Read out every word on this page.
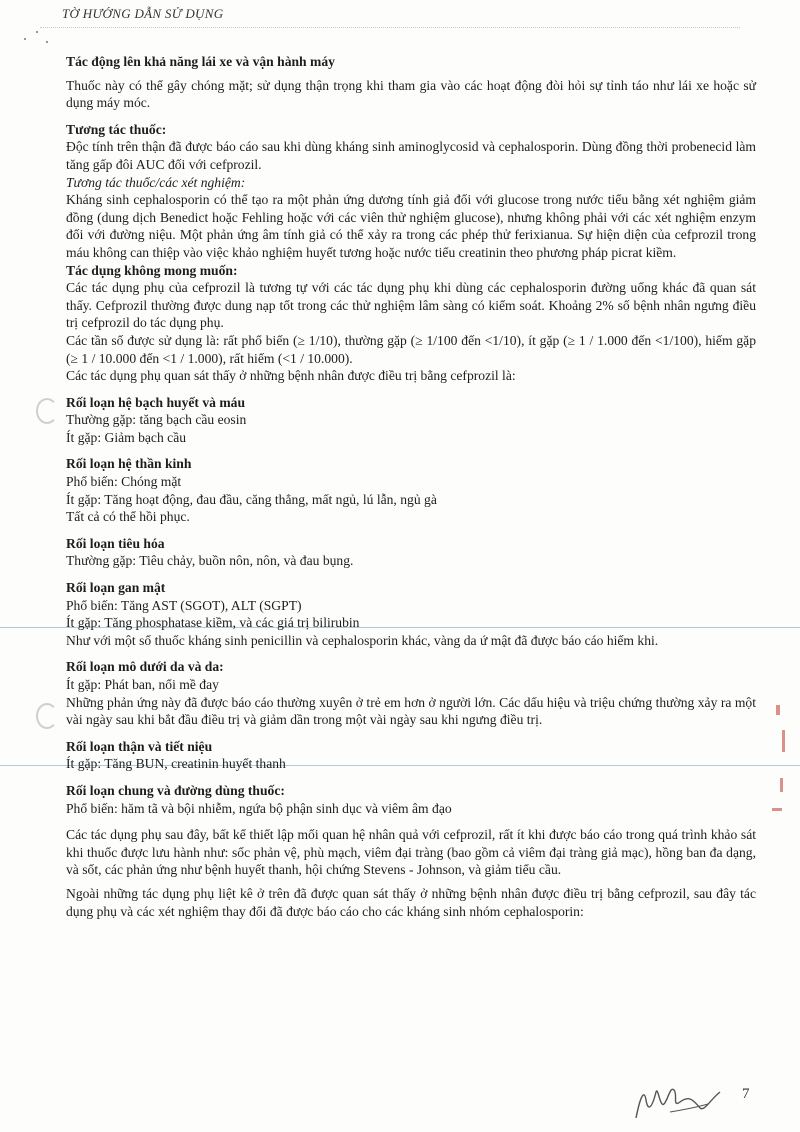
TỜ HƯỚNG DẪN SỬ DỤNG

Tác động lên khả năng lái xe và vận hành máy

Thuốc này có thể gây chóng mặt; sử dụng thận trọng khi tham gia vào các hoạt động đòi hỏi sự tỉnh táo như lái xe hoặc sử dụng máy móc.

Tương tác thuốc:

Độc tính trên thận đã được báo cáo sau khi dùng kháng sinh aminoglycosid và cephalosporin. Dùng đồng thời probenecid làm tăng gấp đôi AUC đối với cefprozil.

Tương tác thuốc/các xét nghiệm:

Kháng sinh cephalosporin có thể tạo ra một phản ứng dương tính giả đối với glucose trong nước tiểu bằng xét nghiệm giảm đồng (dung dịch Benedict hoặc Fehling hoặc với các viên thử nghiệm glucose), nhưng không phải với các xét nghiệm enzym đối với đường niệu. Một phản ứng âm tính giả có thể xảy ra trong các phép thử ferixianua. Sự hiện diện của cefprozil trong máu không can thiệp vào việc khảo nghiệm huyết tương hoặc nước tiểu creatinin theo phương pháp picrat kiềm.

Tác dụng không mong muốn:

Các tác dụng phụ của cefprozil là tương tự với các tác dụng phụ khi dùng các cephalosporin đường uống khác đã quan sát thấy. Cefprozil thường được dung nạp tốt trong các thử nghiệm lâm sàng có kiểm soát. Khoảng 2% số bệnh nhân ngưng điều trị cefprozil do tác dụng phụ.

Các tần số được sử dụng là: rất phổ biến (≥ 1/10), thường gặp (≥ 1/100 đến <1/10), ít gặp (≥ 1 / 1.000 đến <1/100), hiếm gặp (≥ 1 / 10.000 đến <1 / 1.000), rất hiếm (<1 / 10.000).

Các tác dụng phụ quan sát thấy ở những bệnh nhân được điều trị bằng cefprozil là:

Rối loạn hệ bạch huyết và máu

Thường gặp: tăng bạch cầu eosin

Ít gặp: Giảm bạch cầu

Rối loạn hệ thần kinh

Phổ biến: Chóng mặt

Ít gặp: Tăng hoạt động, đau đầu, căng thẳng, mất ngủ, lú lẫn, ngủ gà

Tất cả có thể hồi phục.

Rối loạn tiêu hóa

Thường gặp: Tiêu chảy, buồn nôn, nôn, và đau bụng.

Rối loạn gan mật

Phổ biến: Tăng AST (SGOT), ALT (SGPT)

Ít gặp: Tăng phosphatase kiềm, và các giá trị bilirubin

Như với một số thuốc kháng sinh penicillin và cephalosporin khác, vàng da ứ mật đã được báo cáo hiếm khi.

Rối loạn mô dưới da và da:

Ít gặp: Phát ban, nổi mề đay

Những phản ứng này đã được báo cáo thường xuyên ở trẻ em hơn ở người lớn. Các dấu hiệu và triệu chứng thường xảy ra một vài ngày sau khi bắt đầu điều trị và giảm dần trong một vài ngày sau khi ngưng điều trị.

Rối loạn thận và tiết niệu

Ít gặp: Tăng BUN, creatinin huyết thanh

Rối loạn chung và đường dùng thuốc:

Phổ biến: hăm tã và bội nhiễm, ngứa bộ phận sinh dục và viêm âm đạo

Các tác dụng phụ sau đây, bất kể thiết lập mối quan hệ nhân quả với cefprozil, rất ít khi được báo cáo trong quá trình khảo sát khi thuốc được lưu hành như: sốc phản vệ, phù mạch, viêm đại tràng (bao gồm cả viêm đại tràng giả mạc), hồng ban đa dạng, và sốt, các phản ứng như bệnh huyết thanh, hội chứng Stevens - Johnson, và giảm tiểu cầu.

Ngoài những tác dụng phụ liệt kê ở trên đã được quan sát thấy ở những bệnh nhân được điều trị bằng cefprozil, sau đây tác dụng phụ và các xét nghiệm thay đổi đã được báo cáo cho các kháng sinh nhóm cephalosporin:

7
